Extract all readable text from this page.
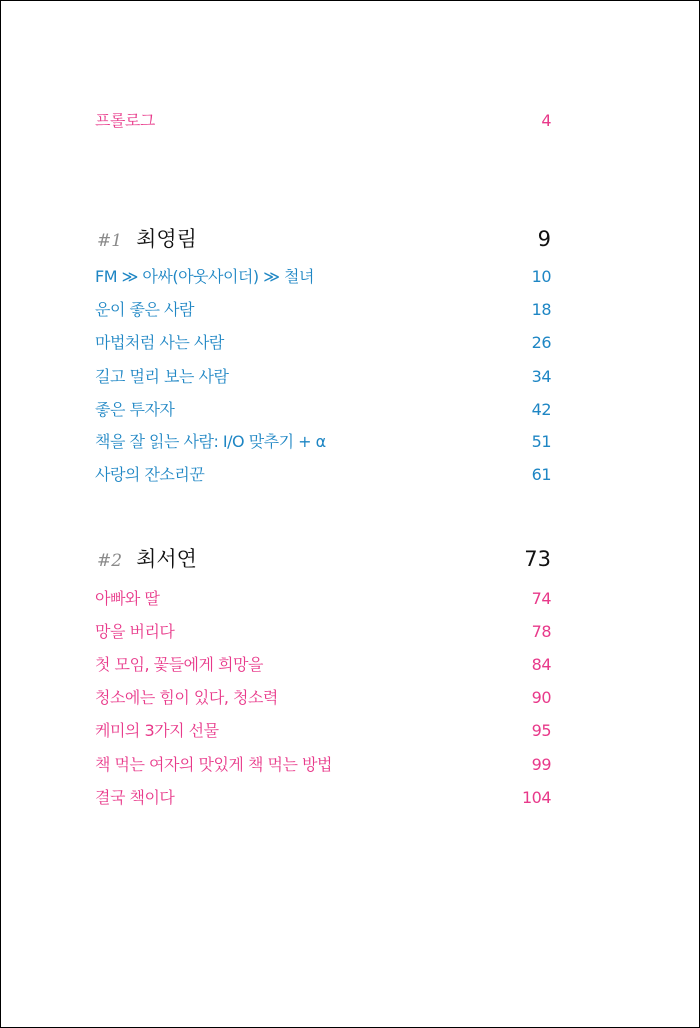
프롤로그	4
#1 최영림	9
FM ≫ 아싸(아웃사이더) ≫ 철녀	10
운이 좋은 사람	18
마법처럼 사는 사람	26
길고 멀리 보는 사람	34
좋은 투자자	42
책을 잘 읽는 사람: I/O 맞추기 + α	51
사랑의 잔소리꾼	61
#2 최서연	73
아빠와 딸	74
망을 버리다	78
첫 모임, 꽃들에게 희망을	84
청소에는 힘이 있다, 청소력	90
케미의 3가지 선물	95
책 먹는 여자의 맛있게 책 먹는 방법	99
결국 책이다	104
